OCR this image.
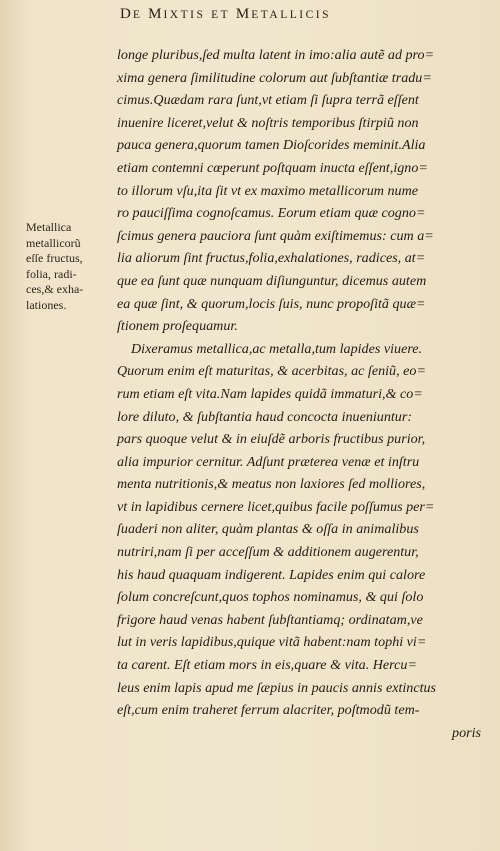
DE MIXTIS ET METALLICIS
Metallica
metallicorũ
eſſe fructus,
folia, radi-
ces,& exha-
lationes.
longe pluribus,ſed multa latent in imo:alia autẽ ad pro=
xima genera ſimilitudine colorum aut ſubſtantiæ tradu=
cimus.Quædam rara ſunt,vt etiam ſi ſupra terrã eſſent
inuenire liceret,velut & noſtris temporibus ſtirpiũ non
pauca genera,quorum tamen Dioſcorides meminit.Alia
etiam contemni cœperunt poſtquam inucta eſſent,igno=
to illorum vſu,ita ſit vt ex maximo metallicorum nume
ro pauciſſima cognoſcamus. Eorum etiam quæ cogno=
ſcimus genera pauciora ſunt quàm exiſtimemus: cum a=
lia aliorum ſint fructus,folia,exhalationes, radices, at=
que ea ſunt quæ nunquam diſiunguntur, dicemus autem
ea quæ ſint, & quorum,locis ſuis, nunc propoſitã quæ=
ſtionem proſequamur.
Dixeramus metallica,ac metalla,tum lapides viuere.
Quorum enim eſt maturitas, & acerbitas, ac ſeniũ, eo=
rum etiam eſt vita.Nam lapides quidã immaturi,& co=
lore diluto, & ſubſtantia haud concocta inueniuntur:
pars quoque velut & in eiuſdẽ arboris fructibus purior,
alia impurior cernitur. Adſunt præterea venæ et inſtru
menta nutritionis,& meatus non laxiores ſed molliores,
vt in lapidibus cernere licet,quibus facile poſſumus per=
ſuaderi non aliter, quàm plantas & oſſa in animalibus
nutriri,nam ſi per acceſſum & additionem augerentur,
his haud quaquam indigerent. Lapides enim qui calore
ſolum concreſcunt,quos tophos nominamus, & qui ſolo
frigore haud venas habent ſubſtantiamq; ordinatam,ve
lut in veris lapidibus,quique vitã habent:nam tophi vi=
ta carent. Eſt etiam mors in eis,quare & vita. Hercu=
leus enim lapis apud me ſæpius in paucis annis extinctus
eſt,cum enim traheret ferrum alacriter, poſtmodũ tem-
poris
